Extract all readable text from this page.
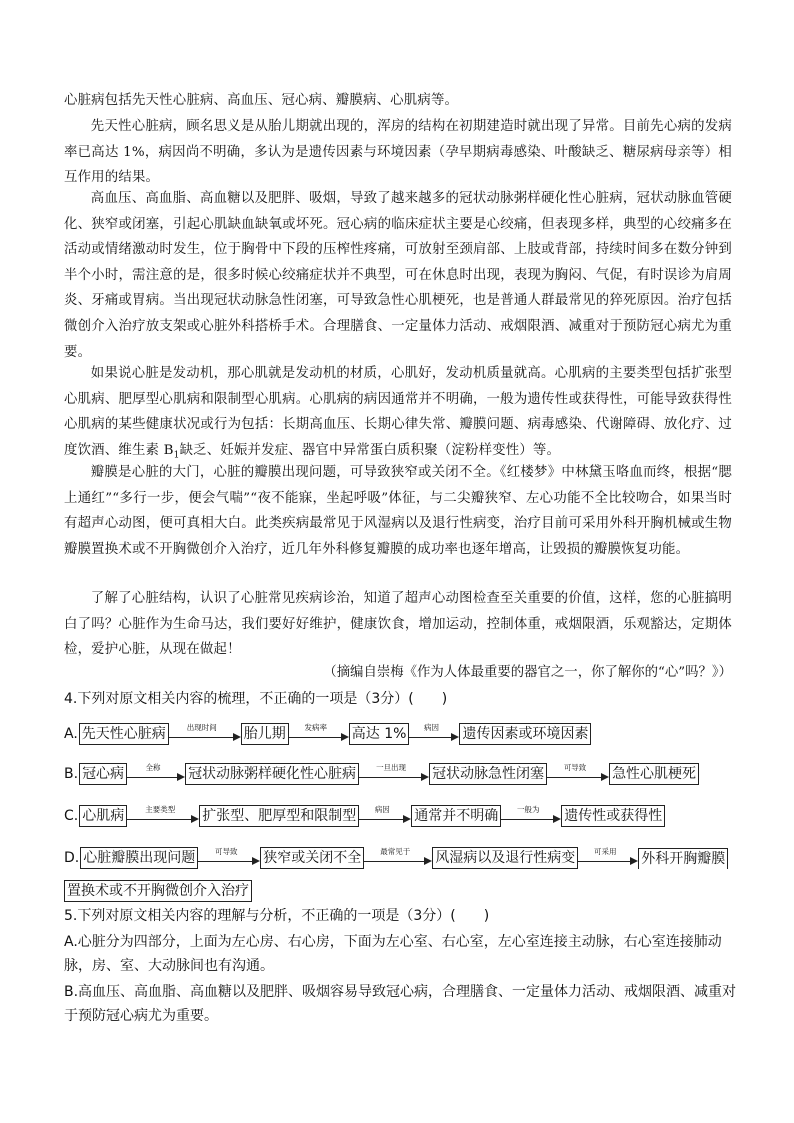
心脏病包括先天性心脏病、高血压、冠心病、瓣膜病、心肌病等。
先天性心脏病，顾名思义是从胎儿期就出现的，浑房的结构在初期建造时就出现了异常。目前先心病的发病率已高达 1%，病因尚不明确，多认为是遗传因素与环境因素（孕早期病毒感染、叶酸缺乏、糖尿病母亲等）相互作用的结果。
高血压、高血脂、高血糖以及肥胖、吸烟，导致了越来越多的冠状动脉粥样硬化性心脏病，冠状动脉血管硬化、狭窄或闭塞，引起心肌缺血缺氧或坏死。冠心病的临床症状主要是心绞痛，但表现多样，典型的心绞痛多在活动或情绪激动时发生，位于胸骨中下段的压榨性疼痛，可放射至颈肩部、上肢或背部，持续时间多在数分钟到半个小时，需注意的是，很多时候心绞痛症状并不典型，可在休息时出现，表现为胸闷、气促，有时误诊为肩周炎、牙痛或胃病。当出现冠状动脉急性闭塞，可导致急性心肌梗死，也是普通人群最常见的猝死原因。治疗包括微创介入治疗放支架或心脏外科搭桥手术。合理膳食、一定量体力活动、戒烟限酒、减重对于预防冠心病尤为重要。
如果说心脏是发动机，那心肌就是发动机的材质，心肌好，发动机质量就高。心肌病的主要类型包括扩张型心肌病、肥厚型心肌病和限制型心肌病。心肌病的病因通常并不明确，一般为遗传性或获得性，可能导致获得性心肌病的某些健康状况或行为包括：长期高血压、长期心律失常、瓣膜问题、病毒感染、代谢障碍、放化疗、过度饮酒、维生素 $B_1$缺乏、妊娠并发症、器官中异常蛋白质积聚（淀粉样变性）等。
瓣膜是心脏的大门，心脏的瓣膜出现问题，可导致狭窄或关闭不全。《红楼梦》中林黛玉咯血而终，根据“腮上通红”“多行一步，便会气喘”“夜不能寐，坐起呼吸”体征，与二尖瓣狭窄、左心功能不全比较吻合，如果当时有超声心动图，便可真相大白。此类疾病最常见于风湿病以及退行性病变，治疗目前可采用外科开胸机械或生物瓣膜置换术或不开胸微创介入治疗，近几年外科修复瓣膜的成功率也逐年增高，让毁损的瓣膜恢复功能。
了解了心脏结构，认识了心脏常见疾病诊治，知道了超声心动图检查至关重要的价值，这样，您的心脏搞明白了吗？心脏作为生命马达，我们要好好维护，健康饮食，增加运动，控制体重，戒烟限酒，乐观豁达，定期体检，爱护心脏，从现在做起！
（摘编自崇梅《作为人体最重要的器官之一，你了解你的“心”吗？》）
4.下列对原文相关内容的梳理，不正确的一项是（3分）(　　)
A. 先天性心脏病	出现时间	胎儿期	发病率	高达 1%	病因	遗传因素或环境因素
B. 冠心病	全称	冠状动脉粥样硬化性心脏病	一旦出现	冠状动脉急性闭塞	可导致	急性心肌梗死
C. 心肌病	主要类型	扩张型、肥厚型和限制型	病因	通常并不明确	一般为	遗传性或获得性
D. 心脏瓣膜出现问题	可导致	狭窄或关闭不全	最常见于	风湿病以及退行性病变	可采用	外科开胸瓣膜
置换术或不开胸微创介入治疗
5.下列对原文相关内容的理解与分析，不正确的一项是（3分）(　　)
A.心脏分为四部分，上面为左心房、右心房，下面为左心室、右心室，左心室连接主动脉，右心室连接肺动脉，房、室、大动脉间也有沟通。
B.高血压、高血脂、高血糖以及肥胖、吸烟容易导致冠心病，合理膳食、一定量体力活动、戒烟限酒、减重对于预防冠心病尤为重要。
